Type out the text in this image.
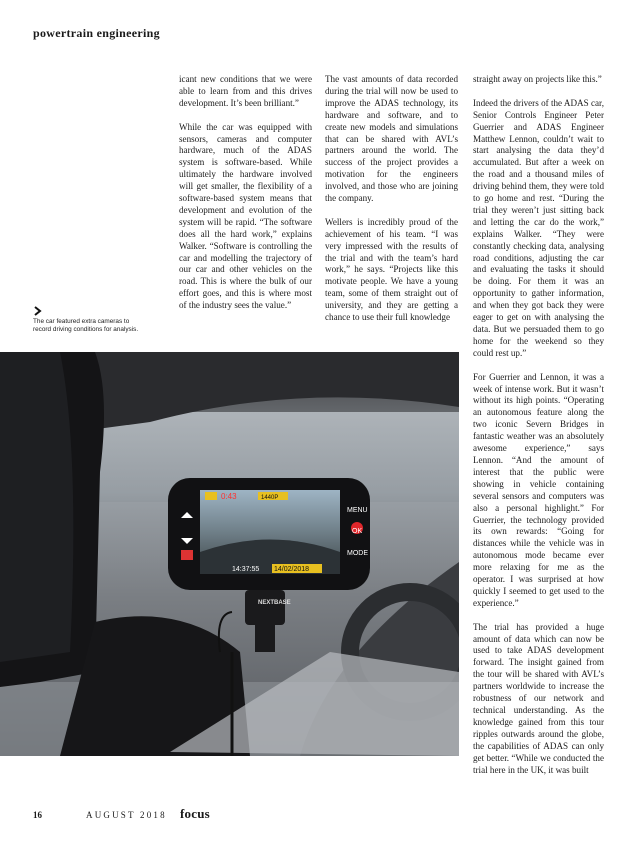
powertrain engineering

icant new conditions that we were able to learn from and this drives development. It’s been brilliant.”

While the car was equipped with sensors, cameras and computer hardware, much of the ADAS system is software-based. While ultimately the hardware involved will get smaller, the flexibility of a software-based system means that development and evolution of the system will be rapid. “The software does all the hard work,” explains Walker. “Software is controlling the car and modelling the trajectory of our car and other vehicles on the road. This is where the bulk of our effort goes, and this is where most of the industry sees the value.”

The vast amounts of data recorded during the trial will now be used to improve the ADAS technology, its hardware and software, and to create new models and simulations that can be shared with AVL’s partners around the world. The success of the project provides a motivation for the engineers involved, and those who are joining the company.

Wellers is incredibly proud of the achievement of his team. “I was very impressed with the results of the trial and with the team’s hard work,” he says. “Projects like this motivate people. We have a young team, some of them straight out of university, and they are getting a chance to use their full knowledge

straight away on projects like this.”

Indeed the drivers of the ADAS car, Senior Controls Engineer Peter Guerrier and ADAS Engineer Matthew Lennon, couldn’t wait to start analysing the data they’d accumulated. But after a week on the road and a thousand miles of driving behind them, they were told to go home and rest. “During the trial they weren’t just sitting back and letting the car do the work,” explains Walker. “They were constantly checking data, analysing road conditions, adjusting the car and evaluating the tasks it should be doing. For them it was an opportunity to gather information, and when they got back they were eager to get on with analysing the data. But we persuaded them to go home for the weekend so they could rest up.”

For Guerrier and Lennon, it was a week of intense work. But it wasn’t without its high points. “Operating an autonomous feature along the two iconic Severn Bridges in fantastic weather was an absolutely awesome experience,” says Lennon. “And the amount of interest that the public were showing in vehicle containing several sensors and computers was also a personal highlight.” For Guerrier, the technology provided its own rewards: “Going for distances while the vehicle was in autonomous mode became ever more relaxing for me as the operator. I was surprised at how quickly I seemed to get used to the experience.”

The trial has provided a huge amount of data which can now be used to take ADAS development forward. The insight gained from the tour will be shared with AVL’s partners worldwide to increase the robustness of our network and technical understanding. As the knowledge gained from this tour ripples outwards around the globe, the capabilities of ADAS can only get better. “While we conducted the trial here in the UK, it was built

The car featured extra cameras to record driving conditions for analysis.
0:43	1440P
MENU
OK
MODE
14:37:55 14/02/2018
NEXTBASE
16	AUGUST 2018 focus
